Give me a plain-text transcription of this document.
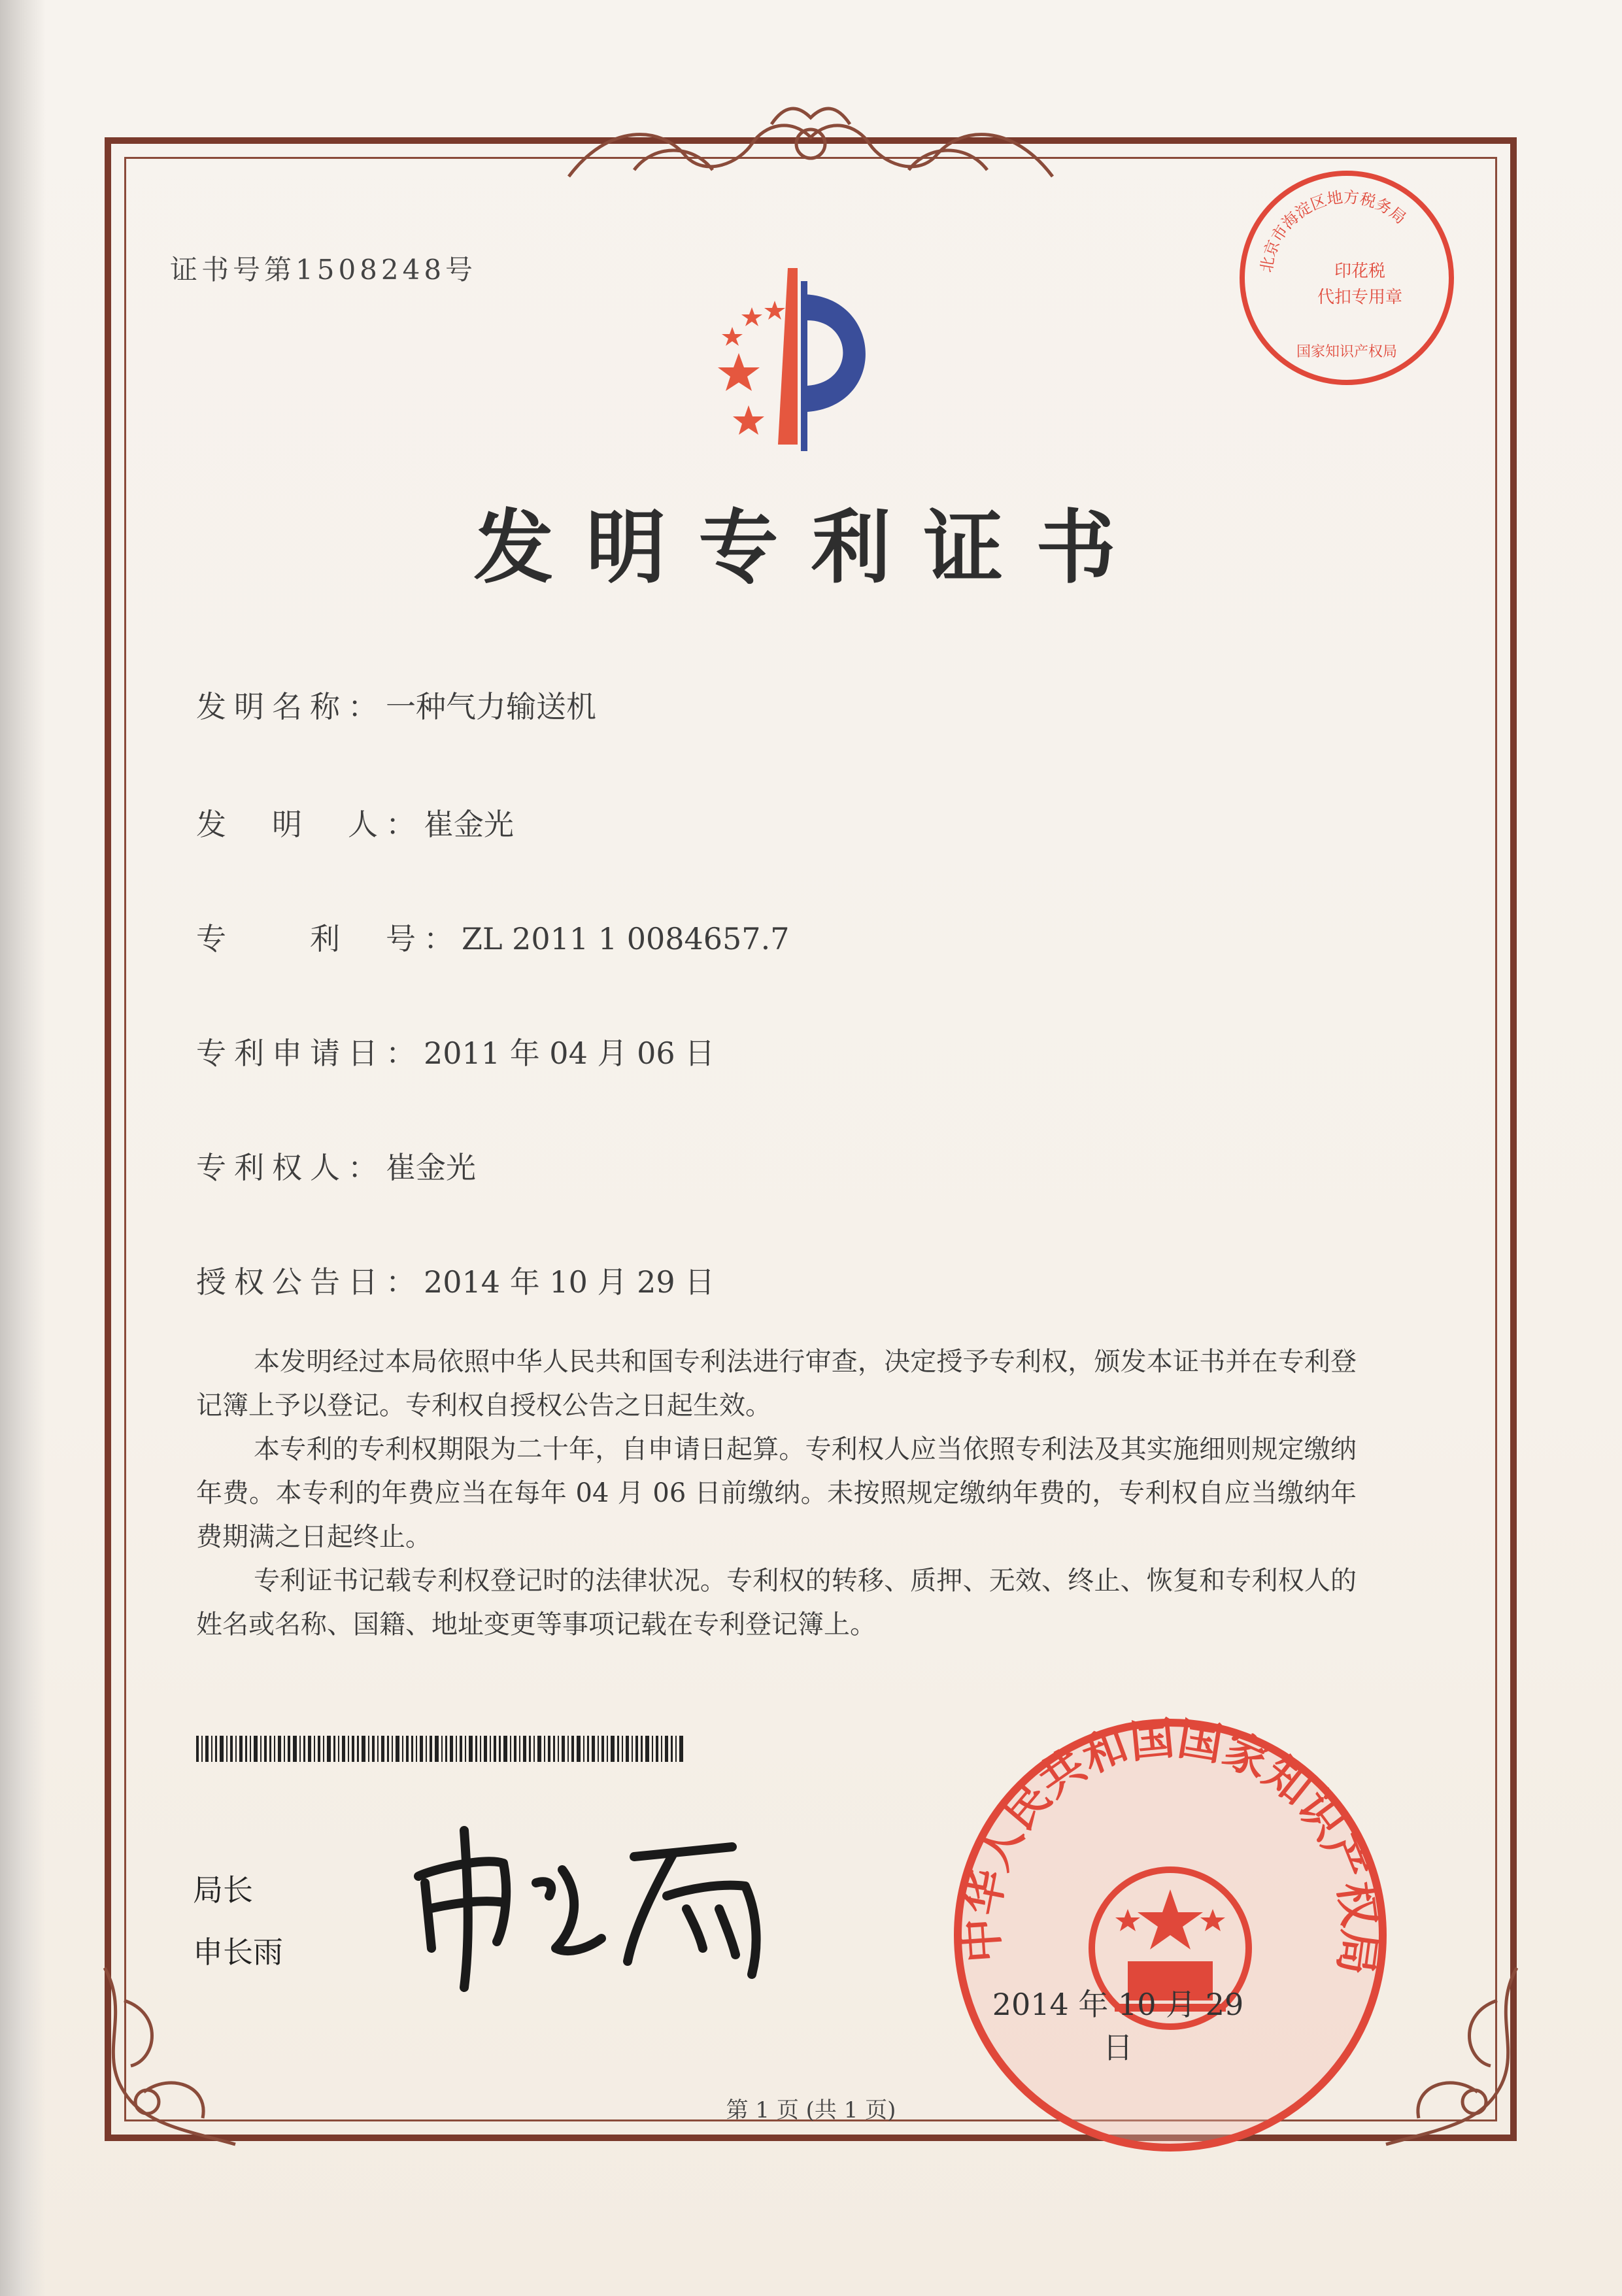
证书号第1508248号	北京市海淀区地方税务局
国家知识产权局
印花税
代扣专用章
发明专利证书
发明名称：一种气力输送机
发　明　人：崔金光
专　　利　号：ZL 2011 1 0084657.7
专利申请日：2011 年 04 月 06 日
专利权人：崔金光
授权公告日：2014 年 10 月 29 日

本发明经过本局依照中华人民共和国专利法进行审查，决定授予专利权，颁发本证书并在专利登记簿上予以登记。专利权自授权公告之日起生效。

本专利的专利权期限为二十年，自申请日起算。专利权人应当依照专利法及其实施细则规定缴纳年费。本专利的年费应当在每年 04 月 06 日前缴纳。未按照规定缴纳年费的，专利权自应当缴纳年费期满之日起终止。

专利证书记载专利权登记时的法律状况。专利权的转移、质押、无效、终止、恢复和专利权人的姓名或名称、国籍、地址变更等事项记载在专利登记簿上。

局长
申长雨	中华人民共和国国家知识产权局
2014 年 10 月 29 日
第 1 页 (共 1 页)
